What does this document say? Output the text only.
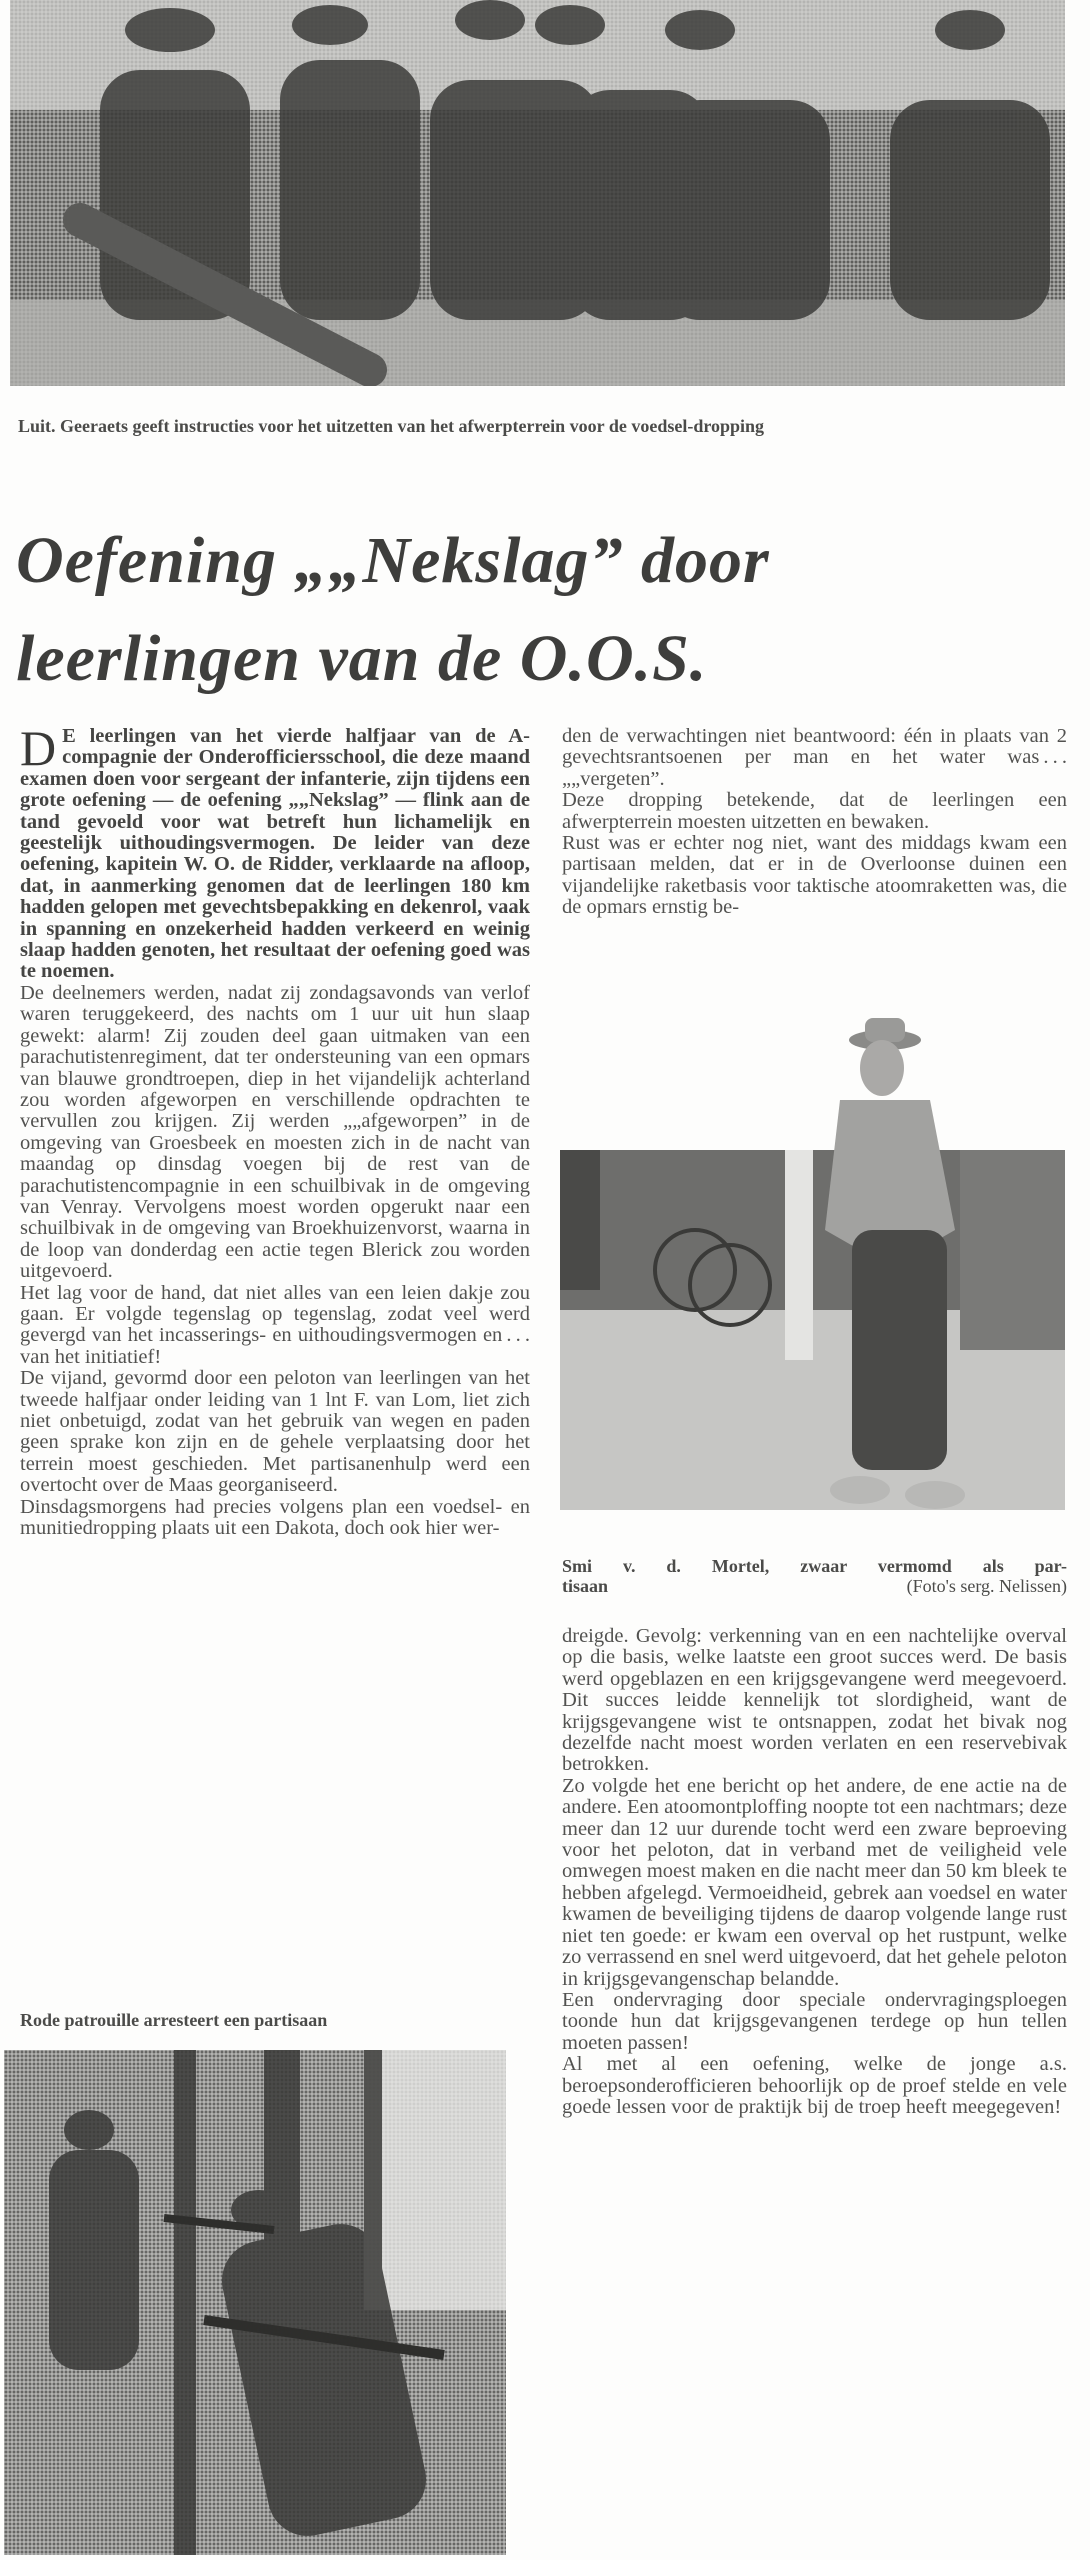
Luit. Geeraets geeft instructies voor het uitzetten van het afwerpterrein voor de voedsel-dropping
Oefening „„Nekslag” door
leerlingen van de O.O.S.

D E leerlingen van het vierde halfjaar van de A-compagnie der Onderofficiersschool, die deze maand examen doen voor sergeant der infanterie, zijn tijdens een grote oefening — de oefening „„Nekslag” — flink aan de tand gevoeld voor wat betreft hun lichamelijk en geestelijk uithoudingsvermogen. De leider van deze oefening, kapitein W. O. de Ridder, verklaarde na afloop, dat, in aanmerking genomen dat de leerlingen 180 km hadden gelopen met gevechtsbepakking en dekenrol, vaak in spanning en onzekerheid hadden verkeerd en weinig slaap hadden genoten, het resultaat der oefening goed was te noemen.

De deelnemers werden, nadat zij zondagsavonds van verlof waren teruggekeerd, des nachts om 1 uur uit hun slaap gewekt: alarm! Zij zouden deel gaan uitmaken van een parachutistenregiment, dat ter ondersteuning van een opmars van blauwe grondtroepen, diep in het vijandelijk achterland zou worden afgeworpen en verschillende opdrachten te vervullen zou krijgen. Zij werden „„afgeworpen” in de omgeving van Groesbeek en moesten zich in de nacht van maandag op dinsdag voegen bij de rest van de parachutistencompagnie in een schuilbivak in de omgeving van Venray. Vervolgens moest worden opgerukt naar een schuilbivak in de omgeving van Broekhuizenvorst, waarna in de loop van donderdag een actie tegen Blerick zou worden uitgevoerd.

Het lag voor de hand, dat niet alles van een leien dakje zou gaan. Er volgde tegenslag op tegenslag, zodat veel werd gevergd van het incasserings- en uithoudingsvermogen en . . . van het initiatief!

De vijand, gevormd door een peloton van leerlingen van het tweede halfjaar onder leiding van 1 lnt F. van Lom, liet zich niet onbetuigd, zodat van het gebruik van wegen en paden geen sprake kon zijn en de gehele verplaatsing door het terrein moest geschieden. Met partisanenhulp werd een overtocht over de Maas georganiseerd.

Dinsdagsmorgens had precies volgens plan een voedsel- en munitiedropping plaats uit een Dakota, doch ook hier wer-

Rode patrouille arresteert een partisaan

den de verwachtingen niet beantwoord: één in plaats van 2 gevechtsrantsoenen per man en het water was . . . „„vergeten”.

Deze dropping betekende, dat de leerlingen een afwerpterrein moesten uitzetten en bewaken.

Rust was er echter nog niet, want des middags kwam een partisaan melden, dat er in de Overloonse duinen een vijandelijke raketbasis voor taktische atoomraketten was, die de opmars ernstig be-

Smi v. d. Mortel, zwaar vermomd als par-
tisaan	(Foto's serg. Nelissen)

dreigde. Gevolg: verkenning van en een nachtelijke overval op die basis, welke laatste een groot succes werd. De basis werd opgeblazen en een krijgsgevangene werd meegevoerd. Dit succes leidde kennelijk tot slordigheid, want de krijgsgevangene wist te ontsnappen, zodat het bivak nog dezelfde nacht moest worden verlaten en een reservebivak betrokken.

Zo volgde het ene bericht op het andere, de ene actie na de andere. Een atoomontploffing noopte tot een nachtmars; deze meer dan 12 uur durende tocht werd een zware beproeving voor het peloton, dat in verband met de veiligheid vele omwegen moest maken en die nacht meer dan 50 km bleek te hebben afgelegd. Vermoeidheid, gebrek aan voedsel en water kwamen de beveiliging tijdens de daarop volgende lange rust niet ten goede: er kwam een overval op het rustpunt, welke zo verrassend en snel werd uitgevoerd, dat het gehele peloton in krijgsgevangenschap belandde.

Een ondervraging door speciale ondervragingsploegen toonde hun dat krijgsgevangenen terdege op hun tellen moeten passen!

Al met al een oefening, welke de jonge a.s. beroepsonderofficieren behoorlijk op de proef stelde en vele goede lessen voor de praktijk bij de troep heeft meegegeven!
